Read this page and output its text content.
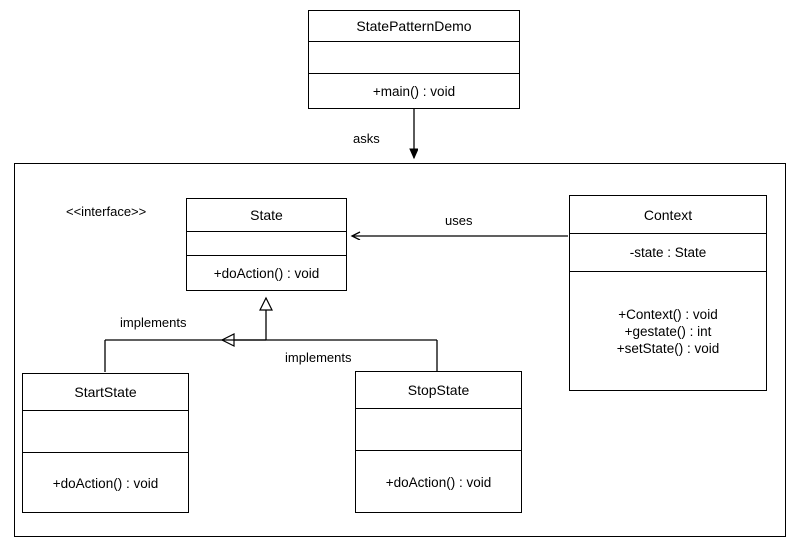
StatePatternDemo
+main() : void
State
+doAction() : void
<<interface>>	Context
-state : State
+Context() : void
+gestate() : int
+setState() : void
StartState
+doAction() : void
StopState
+doAction() : void
asks
uses
implements
implements
